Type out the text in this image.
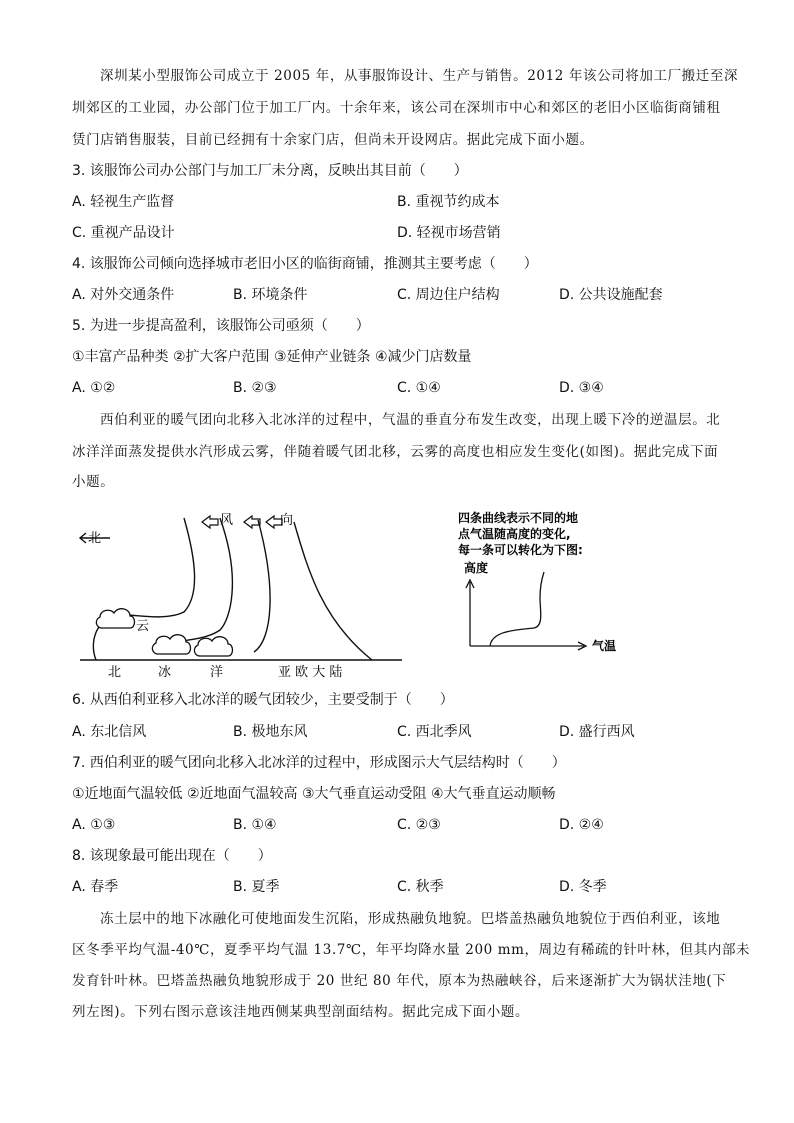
深圳某小型服饰公司成立于 2005 年，从事服饰设计、生产与销售。2012 年该公司将加工厂搬迁至深
圳郊区的工业园，办公部门位于加工厂内。十余年来，该公司在深圳市中心和郊区的老旧小区临街商铺租
赁门店销售服装，目前已经拥有十余家门店，但尚未开设网店。据此完成下面小题。
3. 该服饰公司办公部门与加工厂未分离，反映出其目前（　　）
A. 轻视生产监督	B. 重视节约成本
C. 重视产品设计	D. 轻视市场营销
4. 该服饰公司倾向选择城市老旧小区的临街商铺，推测其主要考虑（　　）
A. 对外交通条件	B. 环境条件	C. 周边住户结构	D. 公共设施配套
5. 为进一步提高盈利，该服饰公司亟须（　　）
①丰富产品种类 ②扩大客户范围 ③延伸产业链条 ④减少门店数量
A. ①②	B. ②③	C. ①④	D. ③④
西伯利亚的暖气团向北移入北冰洋的过程中，气温的垂直分布发生改变，出现上暖下冷的逆温层。北
冰洋洋面蒸发提供水汽形成云雾，伴随着暖气团北移，云雾的高度也相应发生变化(如图)。据此完成下面
小题。
北
风	向
云
北	冰	洋	亚 欧 大 陆
四条曲线表示不同的地
点气温随高度的变化,
每一条可以转化为下图:
高度
气温
6. 从西伯利亚移入北冰洋的暖气团较少，主要受制于（　　）
A. 东北信风	B. 极地东风	C. 西北季风	D. 盛行西风
7. 西伯利亚的暖气团向北移入北冰洋的过程中，形成图示大气层结构时（　　）
①近地面气温较低 ②近地面气温较高 ③大气垂直运动受阻 ④大气垂直运动顺畅
A. ①③	B. ①④	C. ②③	D. ②④
8. 该现象最可能出现在（　　）
A. 春季	B. 夏季	C. 秋季	D. 冬季
冻土层中的地下冰融化可使地面发生沉陷，形成热融负地貌。巴塔盖热融负地貌位于西伯利亚，该地
区冬季平均气温-40℃，夏季平均气温 13.7℃，年平均降水量 200 mm，周边有稀疏的针叶林，但其内部未
发育针叶林。巴塔盖热融负地貌形成于 20 世纪 80 年代，原本为热融峡谷，后来逐渐扩大为锅状洼地(下
列左图)。下列右图示意该洼地西侧某典型剖面结构。据此完成下面小题。
